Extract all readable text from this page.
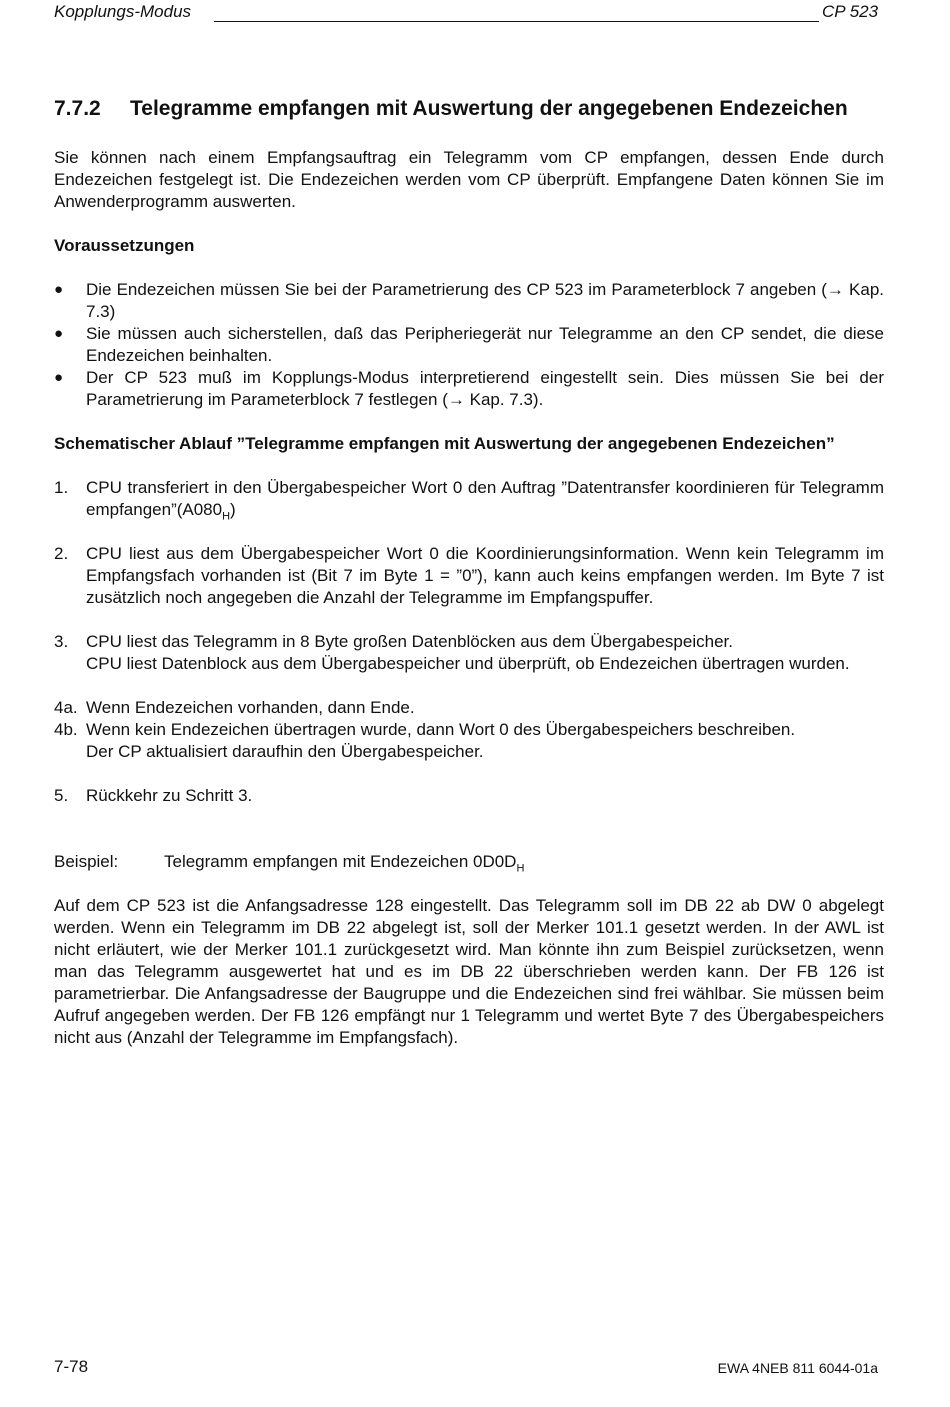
Kopplungs-Modus	CP 523
7.7.2	Telegramme empfangen mit Auswertung der angegebenen Endezeichen

Sie können nach einem Empfangsauftrag ein Telegramm vom CP empfangen, dessen Ende durch Endezeichen festgelegt ist. Die Endezeichen werden vom CP überprüft. Empfangene Daten können Sie im Anwenderprogramm auswerten.

Voraussetzungen
●	Die Endezeichen müssen Sie bei der Parametrierung des CP 523 im Parameterblock 7 angeben (→ Kap. 7.3)
●	Sie müssen auch sicherstellen, daß das Peripheriegerät nur Telegramme an den CP sendet, die diese Endezeichen beinhalten.
●	Der CP 523 muß im Kopplungs-Modus interpretierend eingestellt sein. Dies müssen Sie bei der Parametrierung im Parameterblock 7 festlegen (→ Kap. 7.3).
Schematischer Ablauf ”Telegramme empfangen mit Auswertung der angegebenen Endezeichen”
1.	CPU transferiert in den Übergabespeicher Wort 0 den Auftrag ”Datentransfer koordinieren für Telegramm $empfangen”(A080_H)$
2.	CPU liest aus dem Übergabespeicher Wort 0 die Koordinierungsinformation. Wenn kein Telegramm im Empfangsfach vorhanden ist (Bit 7 im Byte 1 = ”0”), kann auch keins empfangen werden. Im Byte 7 ist zusätzlich noch angegeben die Anzahl der Telegramme im Empfangspuffer.
3.	CPU liest das Telegramm in 8 Byte großen Datenblöcken aus dem Übergabespeicher.
CPU liest Datenblock aus dem Übergabespeicher und überprüft, ob Endezeichen übertragen wurden.
4a. Wenn Endezeichen vorhanden, dann Ende.
4b. Wenn kein Endezeichen übertragen wurde, dann Wort 0 des Übergabespeichers beschreiben.
Der CP aktualisiert daraufhin den Übergabespeicher.
5.	Rückkehr zu Schritt 3.
Beispiel:	Telegramm empfangen mit Endezeichen $0D0D_H$

Auf dem CP 523 ist die Anfangsadresse 128 eingestellt. Das Telegramm soll im DB 22 ab DW 0 abgelegt werden. Wenn ein Telegramm im DB 22 abgelegt ist, soll der Merker 101.1 gesetzt werden. In der AWL ist nicht erläutert, wie der Merker 101.1 zurückgesetzt wird. Man könnte ihn zum Beispiel zurücksetzen, wenn man das Telegramm ausgewertet hat und es im DB 22 überschrieben werden kann. Der FB 126 ist parametrierbar. Die Anfangsadresse der Baugruppe und die Endezeichen sind frei wählbar. Sie müssen beim Aufruf angegeben werden. Der FB 126 empfängt nur 1 Telegramm und wertet Byte 7 des Übergabespeichers nicht aus (Anzahl der Telegramme im Empfangsfach).

7-78	EWA 4NEB 811 6044-01a
